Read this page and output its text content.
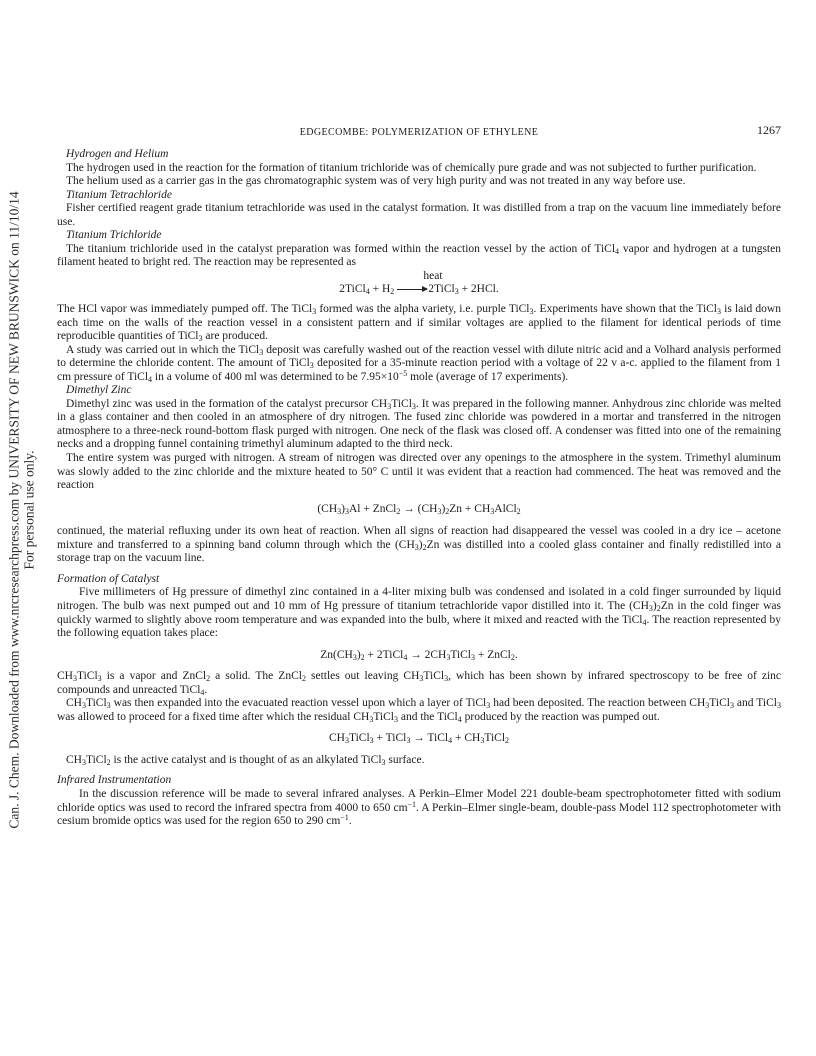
Can. J. Chem. Downloaded from www.nrcresearchpress.com by UNIVERSITY OF NEW BRUNSWICK on 11/10/14 For personal use only.
EDGECOMBE: POLYMERIZATION OF ETHYLENE	1267
Hydrogen and Helium

The hydrogen used in the reaction for the formation of titanium trichloride was of chemically pure grade and was not subjected to further purification.

The helium used as a carrier gas in the gas chromatographic system was of very high purity and was not treated in any way before use.

Titanium Tetrachloride

Fisher certified reagent grade titanium tetrachloride was used in the catalyst formation. It was distilled from a trap on the vacuum line immediately before use.

Titanium Trichloride

The titanium trichloride used in the catalyst preparation was formed within the reaction vessel by the action of TiCl$_4$ vapor and hydrogen at a tungsten filament heated to bright red. The reaction may be represented as

heat
2TiCl$_4$ + $H_2$ →2TiCl$_3$ + 2HCl.

The HCl vapor was immediately pumped off. The TiCl$_3$ formed was the alpha variety, i.e. purple TiCl$_3$. Experiments have shown that the TiCl$_3$ is laid down each time on the walls of the reaction vessel in a consistent pattern and if similar voltages are applied to the filament for identical periods of time reproducible quantities of TiCl$_3$ are produced.

A study was carried out in which the TiCl$_3$ deposit was carefully washed out of the reaction vessel with dilute nitric acid and a Volhard analysis performed to determine the chloride content. The amount of TiCl$_3$ deposited for a 35-minute reaction period with a voltage of 22 v a-c. applied to the filament from 1 cm pressure of TiCl$_4$ in a volume of 400 ml was determined to be $7.95\times 10^{-5}$ mole (average of 17 experiments).

Dimethyl Zinc

Dimethyl zinc was used in the formation of the catalyst precursor $CH_3TiCl_3$. It was prepared in the following manner. Anhydrous zinc chloride was melted in a glass container and then cooled in an atmosphere of dry nitrogen. The fused zinc chloride was powdered in a mortar and transferred in the nitrogen atmosphere to a three-neck round-bottom flask purged with nitrogen. One neck of the flask was closed off. A condenser was fitted into one of the remaining necks and a dropping funnel containing trimethyl aluminum adapted to the third neck.

The entire system was purged with nitrogen. A stream of nitrogen was directed over any openings to the atmosphere in the system. Trimethyl aluminum was slowly added to the zinc chloride and the mixture heated to 50° C until it was evident that a reaction had commenced. The heat was removed and the reaction

$(CH_3)_3Al$ + ZnCl$_2$ → $(CH_3)_2Zn$ + $CH_3AlCl_2$

continued, the material refluxing under its own heat of reaction. When all signs of reaction had disappeared the vessel was cooled in a dry ice – acetone mixture and transferred to a spinning band column through which the $(CH_3)_2Zn$ was distilled into a cooled glass container and finally redistilled into a storage trap on the vacuum line.

Formation of Catalyst

Five millimeters of Hg pressure of dimethyl zinc contained in a 4-liter mixing bulb was condensed and isolated in a cold finger surrounded by liquid nitrogen. The bulb was next pumped out and 10 mm of Hg pressure of titanium tetrachloride vapor distilled into it. The $(CH_3)_2Zn$ in the cold finger was quickly warmed to slightly above room temperature and was expanded into the bulb, where it mixed and reacted with the TiCl$_4$. The reaction represented by the following equation takes place:

$Zn(CH_3)_2$ + 2TiCl$_4$ → $2CH_3TiCl_3$ + ZnCl$_2$.

$CH_3TiCl_3$ is a vapor and ZnCl$_2$ a solid. The ZnCl$_2$ settles out leaving $CH_3TiCl_3$, which has been shown by infrared spectroscopy to be free of zinc compounds and unreacted TiCl$_4$.

$CH_3TiCl_3$ was then expanded into the evacuated reaction vessel upon which a layer of TiCl$_3$ had been deposited. The reaction between $CH_3TiCl_3$ and TiCl$_3$ was allowed to proceed for a fixed time after which the residual $CH_3TiCl_3$ and the TiCl$_4$ produced by the reaction was pumped out.

$CH_3TiCl_3$ + TiCl$_3$ → TiCl$_4$ + $CH_3TiCl_2$

$CH_3TiCl_2$ is the active catalyst and is thought of as an alkylated TiCl$_3$ surface.

Infrared Instrumentation

In the discussion reference will be made to several infrared analyses. A Perkin–Elmer Model 221 double-beam spectrophotometer fitted with sodium chloride optics was used to record the infrared spectra from 4000 to 650 $cm^{-1}$. A Perkin–Elmer single-beam, double-pass Model 112 spectrophotometer with cesium bromide optics was used for the region 650 to 290 $cm^{-1}$.
